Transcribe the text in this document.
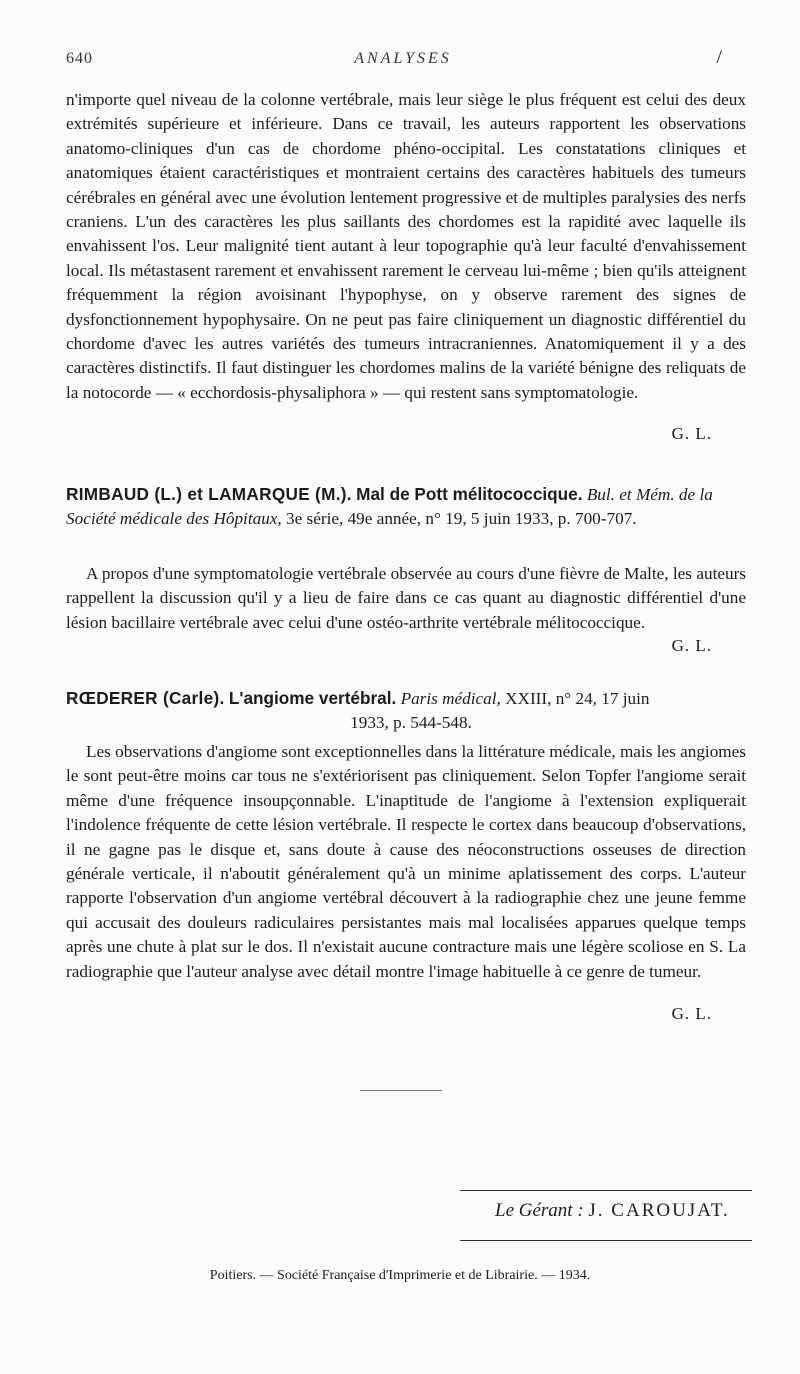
640	ANALYSES	/

n'importe quel niveau de la colonne vertébrale, mais leur siège le plus fréquent est celui des deux extrémités supérieure et inférieure. Dans ce travail, les auteurs rapportent les observations anatomo-cliniques d'un cas de chordome phéno-occipital. Les constatations cliniques et anatomiques étaient caractéristiques et montraient certains des caractères habituels des tumeurs cérébrales en général avec une évolution lentement progressive et de multiples paralysies des nerfs craniens. L'un des caractères les plus saillants des chordomes est la rapidité avec laquelle ils envahissent l'os. Leur malignité tient autant à leur topographie qu'à leur faculté d'envahissement local. Ils métastasent rarement et envahissent rarement le cerveau lui-même ; bien qu'ils atteignent fréquemment la région avoisinant l'hypophyse, on y observe rarement des signes de dysfonctionnement hypophysaire. On ne peut pas faire cliniquement un diagnostic différentiel du chordome d'avec les autres variétés des tumeurs intracraniennes. Anatomiquement il y a des caractères distinctifs. Il faut distinguer les chordomes malins de la variété bénigne des reliquats de la notocorde — « ecchordosis-physaliphora » — qui restent sans symptomatologie.

G. L.

RIMBAUD (L.) et LAMARQUE (M.). Mal de Pott mélitococcique. Bul. et Mém. de la Société médicale des Hôpitaux, 3e série, 49e année, n° 19, 5 juin 1933, p. 700-707.

A propos d'une symptomatologie vertébrale observée au cours d'une fièvre de Malte, les auteurs rappellent la discussion qu'il y a lieu de faire dans ce cas quant au diagnostic différentiel d'une lésion bacillaire vertébrale avec celui d'une ostéo-arthrite vertébrale mélitococcique.

G. L.

RŒDERER (Carle). L'angiome vertébral. Paris médical, XXIII, n° 24, 17 juin
1933, p. 544-548.

Les observations d'angiome sont exceptionnelles dans la littérature médicale, mais les angiomes le sont peut-être moins car tous ne s'extériorisent pas cliniquement. Selon Topfer l'angiome serait même d'une fréquence insoupçonnable. L'inaptitude de l'angiome à l'extension expliquerait l'indolence fréquente de cette lésion vertébrale. Il respecte le cortex dans beaucoup d'observations, il ne gagne pas le disque et, sans doute à cause des néoconstructions osseuses de direction générale verticale, il n'aboutit généralement qu'à un minime aplatissement des corps. L'auteur rapporte l'observation d'un angiome vertébral découvert à la radiographie chez une jeune femme qui accusait des douleurs radiculaires persistantes mais mal localisées apparues quelque temps après une chute à plat sur le dos. Il n'existait aucune contracture mais une légère scoliose en S. La radiographie que l'auteur analyse avec détail montre l'image habituelle à ce genre de tumeur.

G. L.
Le Gérant : J. CAROUJAT.
Poitiers. — Société Française d'Imprimerie et de Librairie. — 1934.
